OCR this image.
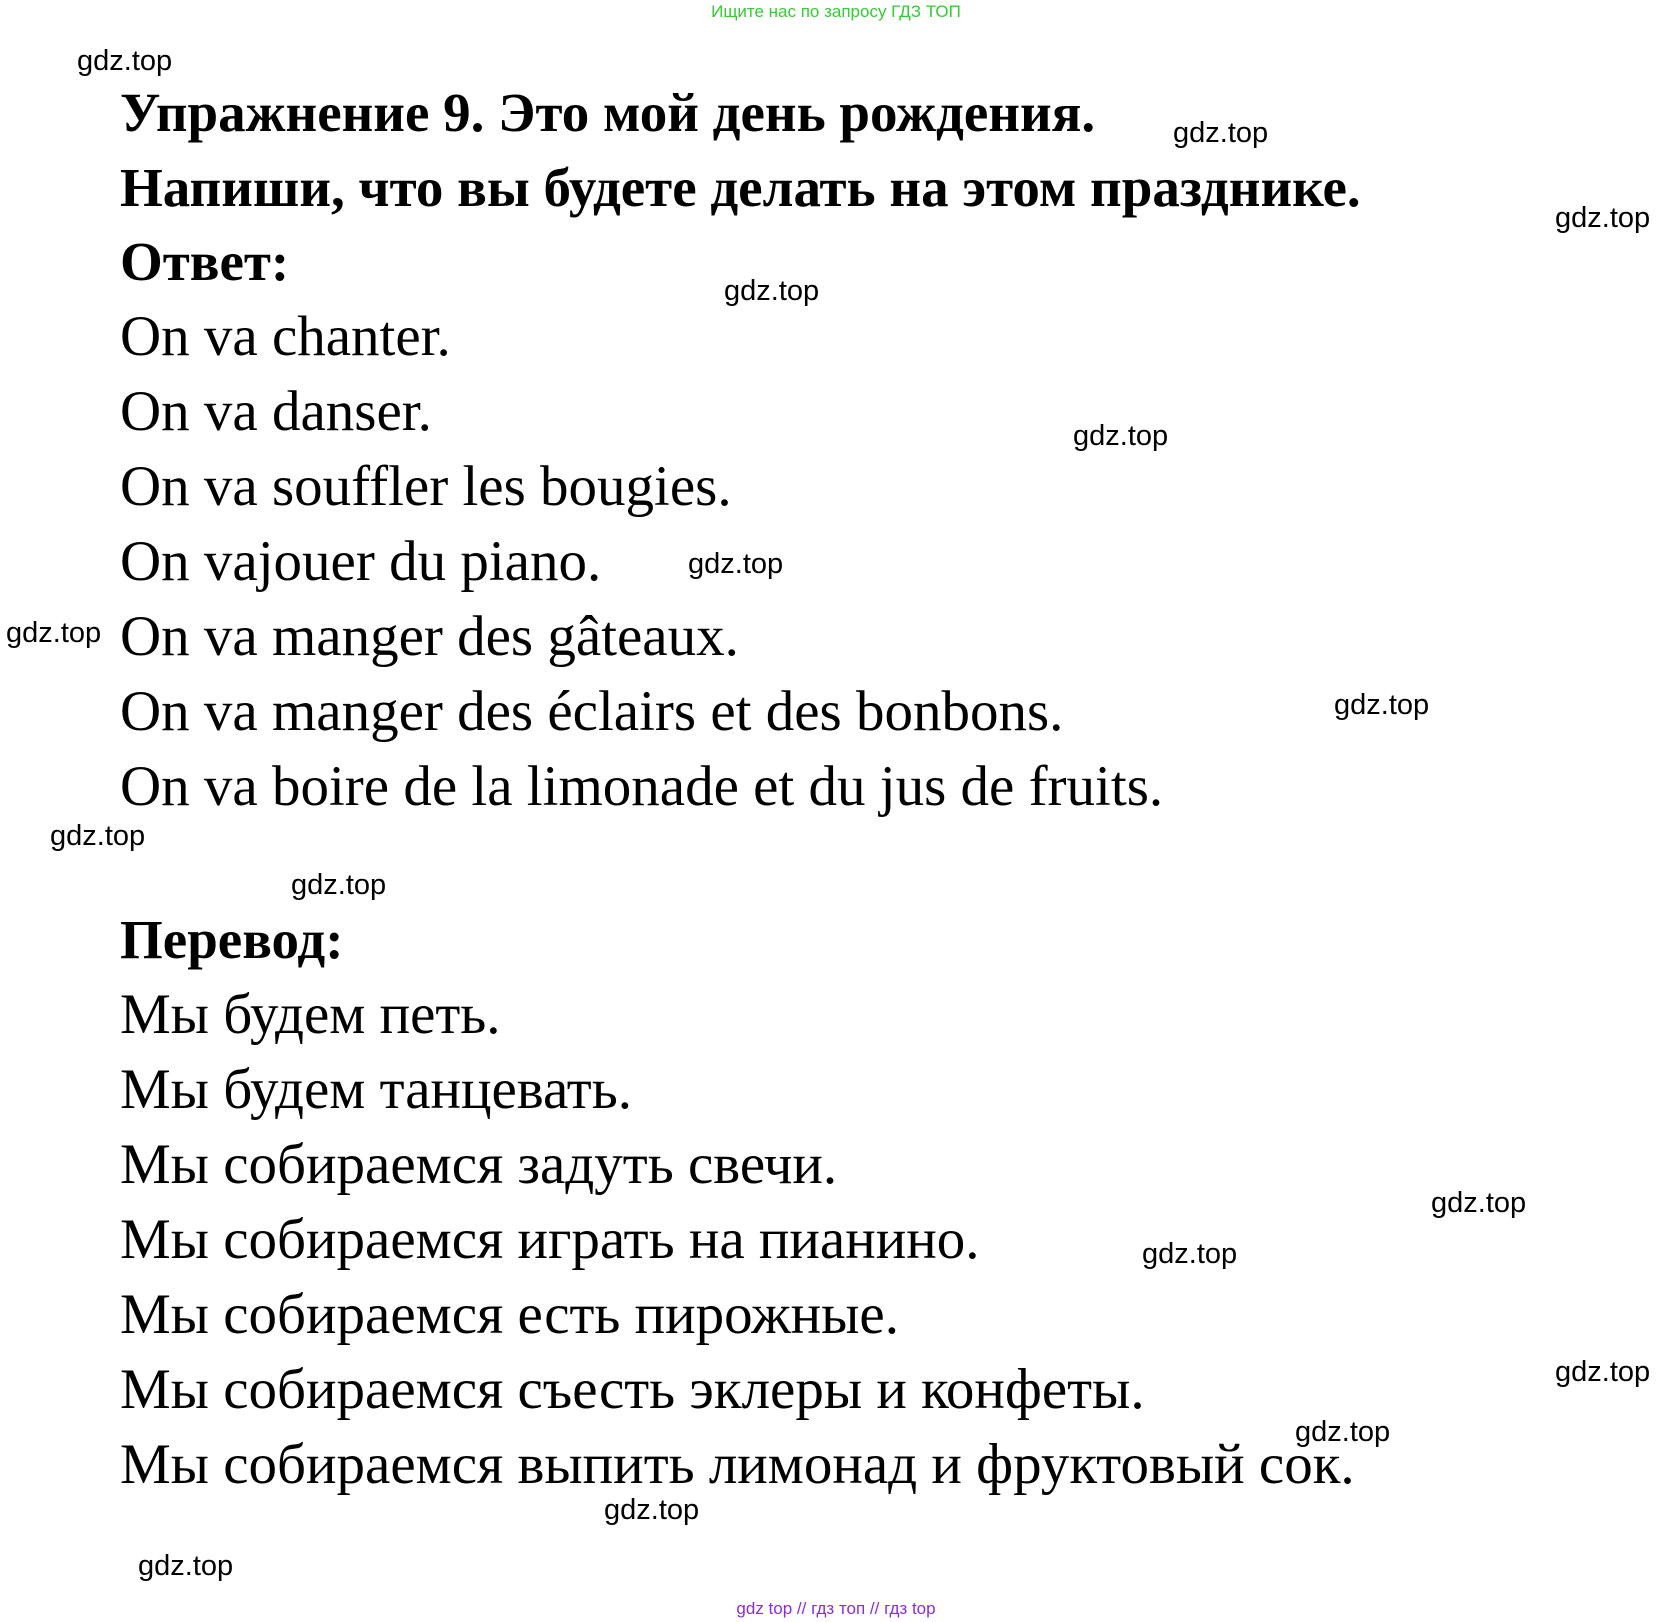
Ищите нас по запросу ГДЗ ТОП
Упражнение 9. Это мой день рождения.
Напиши, что вы будете делать на этом празднике.
Ответ:
On va chanter.
On va danser.
On va souffler les bougies.
On vajouer du piano.
On va manger des gâteaux.
On va manger des éclairs et des bonbons.
On va boire de la limonade et du jus de fruits.
Перевод:
Мы будем петь.
Мы будем танцевать.
Мы собираемся задуть свечи.
Мы собираемся играть на пианино.
Мы собираемся есть пирожные.
Мы собираемся съесть эклеры и конфеты.
Мы собираемся выпить лимонад и фруктовый сок.
gdz.top
gdz.top
gdz.top
gdz.top
gdz.top
gdz.top
gdz.top
gdz.top
gdz.top
gdz.top
gdz.top
gdz.top
gdz.top
gdz.top
gdz.top
gdz.top
gdz top // гдз топ // гдз top
